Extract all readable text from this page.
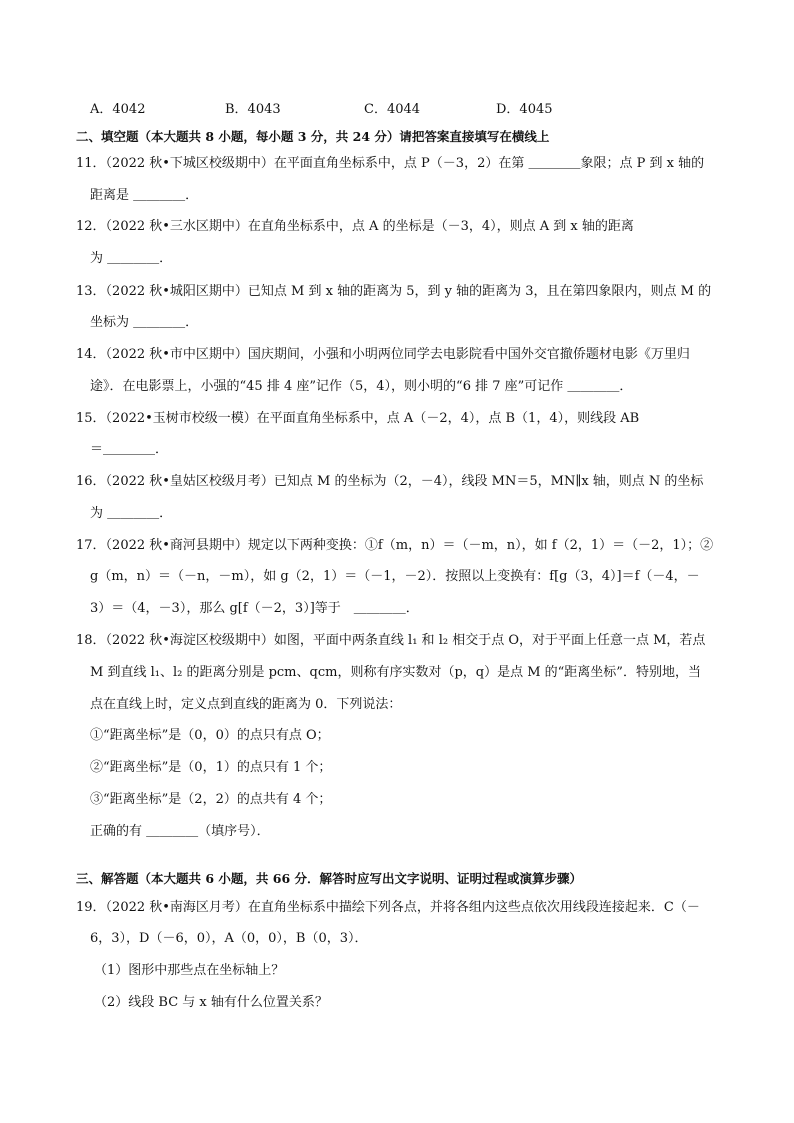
A．4042	B．4043	C．4044	D．4045
二、填空题（本大题共 8 小题，每小题 3 分，共 24 分）请把答案直接填写在横线上
11．（2022 秋•下城区校级期中）在平面直角坐标系中，点 P（－3，2）在第 ＿＿＿＿象限；点 P 到 x 轴的
距离是 ＿＿＿＿．
12．（2022 秋•三水区期中）在直角坐标系中，点 A 的坐标是（－3，4），则点 A 到 x 轴的距离
为 ＿＿＿＿．
13．（2022 秋•城阳区期中）已知点 M 到 x 轴的距离为 5，到 y 轴的距离为 3，且在第四象限内，则点 M 的
坐标为 ＿＿＿＿．
14．（2022 秋•市中区期中）国庆期间，小强和小明两位同学去电影院看中国外交官撤侨题材电影《万里归
途》．在电影票上，小强的“45 排 4 座”记作（5，4），则小明的“6 排 7 座”可记作 ＿＿＿＿．
15．（2022•玉树市校级一模）在平面直角坐标系中，点 A（－2，4），点 B（1，4），则线段 AB
＝＿＿＿＿．
16．（2022 秋•皇姑区校级月考）已知点 M 的坐标为（2，－4），线段 MN＝5，MN∥x 轴，则点 N 的坐标
为 ＿＿＿＿．
17．（2022 秋•商河县期中）规定以下两种变换：①f（m，n）＝（－m，n），如 f（2，1）＝（－2，1）；②
g（m，n）＝（－n，－m），如 g（2，1）＝（－1，－2）．按照以上变换有：f[g（3，4）]＝f（－4，－
3）＝（4，－3），那么 g[f（－2，3）]等于　＿＿＿＿．
18．（2022 秋•海淀区校级期中）如图，平面中两条直线 l₁ 和 l₂ 相交于点 O，对于平面上任意一点 M，若点
M 到直线 l₁、l₂ 的距离分别是 pcm、qcm，则称有序实数对（p，q）是点 M 的“距离坐标”．特别地，当
点在直线上时，定义点到直线的距离为 0．下列说法：
①“距离坐标”是（0，0）的点只有点 O；
②“距离坐标”是（0，1）的点只有 1 个；
③“距离坐标”是（2，2）的点共有 4 个；
正确的有 ＿＿＿＿（填序号）．
三、解答题（本大题共 6 小题，共 66 分．解答时应写出文字说明、证明过程或演算步骤）
19．（2022 秋•南海区月考）在直角坐标系中描绘下列各点，并将各组内这些点依次用线段连接起来．C（－
6，3），D（－6，0），A（0，0），B（0，3）．
（1）图形中那些点在坐标轴上？
（2）线段 BC 与 x 轴有什么位置关系？
